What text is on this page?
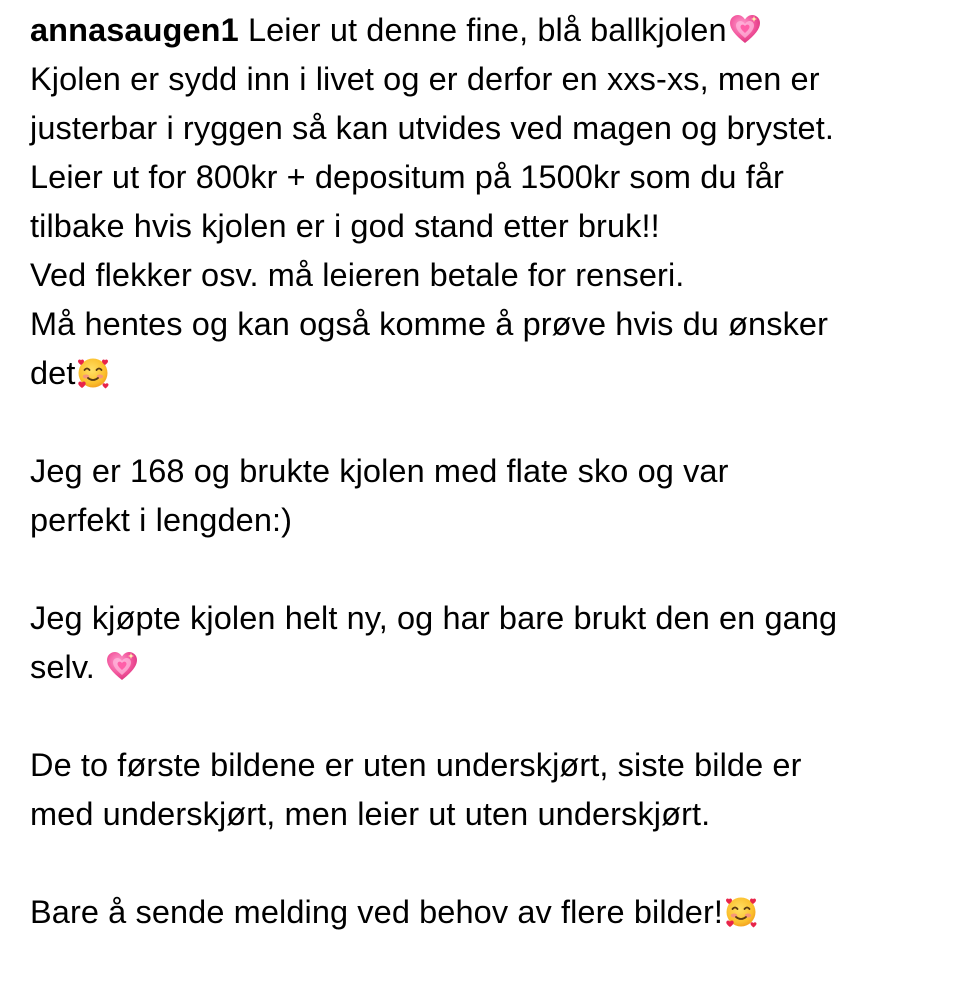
annasaugen1 Leier ut denne fine, blå ballkjolen
Kjolen er sydd inn i livet og er derfor en xxs-xs, men er
justerbar i ryggen så kan utvides ved magen og brystet.
Leier ut for 800kr + depositum på 1500kr som du får
tilbake hvis kjolen er i god stand etter bruk!!
Ved flekker osv. må leieren betale for renseri.
Må hentes og kan også komme å prøve hvis du ønsker
det
Jeg er 168 og brukte kjolen med flate sko og var
perfekt i lengden:)
Jeg kjøpte kjolen helt ny, og har bare brukt den en gang
selv.
De to første bildene er uten underskjørt, siste bilde er
med underskjørt, men leier ut uten underskjørt.
Bare å sende melding ved behov av flere bilder!
